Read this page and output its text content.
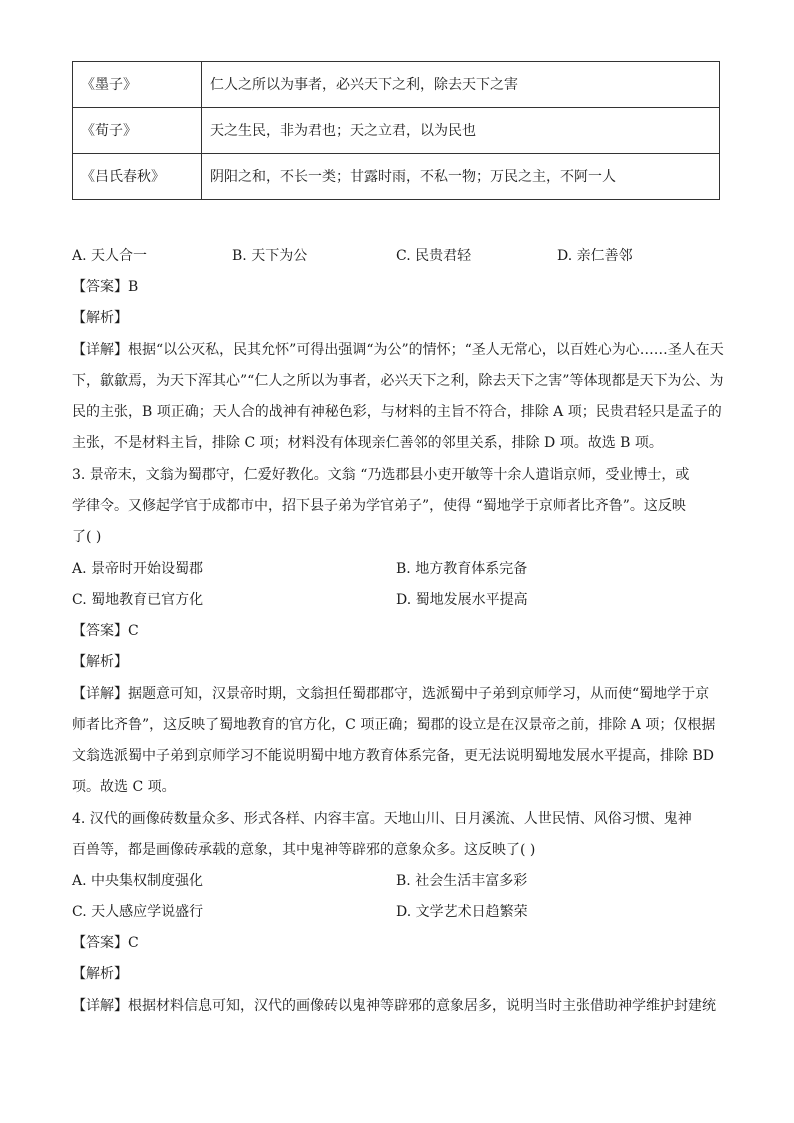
《墨子》	仁人之所以为事者，必兴天下之利，除去天下之害
《荀子》	天之生民，非为君也；天之立君，以为民也
《吕氏春秋》	阴阳之和，不长一类；甘露时雨，不私一物；万民之主，不阿一人
A. 天人合一	B. 天下为公	C. 民贵君轻	D. 亲仁善邻
【答案】B
【解析】
【详解】根据“以公灭私，民其允怀”可得出强调“为公”的情怀；“圣人无常心，以百姓心为心……圣人在天
下，歙歙焉，为天下浑其心”“仁人之所以为事者，必兴天下之利，除去天下之害”等体现都是天下为公、为
民的主张，B 项正确；天人合的战神有神秘色彩，与材料的主旨不符合，排除 A 项；民贵君轻只是孟子的
主张，不是材料主旨，排除 C 项；材料没有体现亲仁善邻的邻里关系，排除 D 项。故选 B 项。
3. 景帝末，文翁为蜀郡守，仁爱好教化。文翁 “乃选郡县小吏开敏等十余人遣诣京师，受业博士，或
学律令。又修起学官于成都市中，招下县子弟为学官弟子”，使得 “蜀地学于京师者比齐鲁”。这反映
了( )
A. 景帝时开始设蜀郡	B. 地方教育体系完备
C. 蜀地教育已官方化	D. 蜀地发展水平提高
【答案】C
【解析】
【详解】据题意可知，汉景帝时期，文翁担任蜀郡郡守，选派蜀中子弟到京师学习，从而使“蜀地学于京
师者比齐鲁”，这反映了蜀地教育的官方化，C 项正确；蜀郡的设立是在汉景帝之前，排除 A 项；仅根据
文翁选派蜀中子弟到京师学习不能说明蜀中地方教育体系完备，更无法说明蜀地发展水平提高，排除 BD
项。故选 C 项。
4. 汉代的画像砖数量众多、形式各样、内容丰富。天地山川、日月溪流、人世民情、风俗习惯、鬼神
百兽等，都是画像砖承载的意象，其中鬼神等辟邪的意象众多。这反映了( )
A. 中央集权制度强化	B. 社会生活丰富多彩
C. 天人感应学说盛行	D. 文学艺术日趋繁荣
【答案】C
【解析】
【详解】根据材料信息可知，汉代的画像砖以鬼神等辟邪的意象居多，说明当时主张借助神学维护封建统
